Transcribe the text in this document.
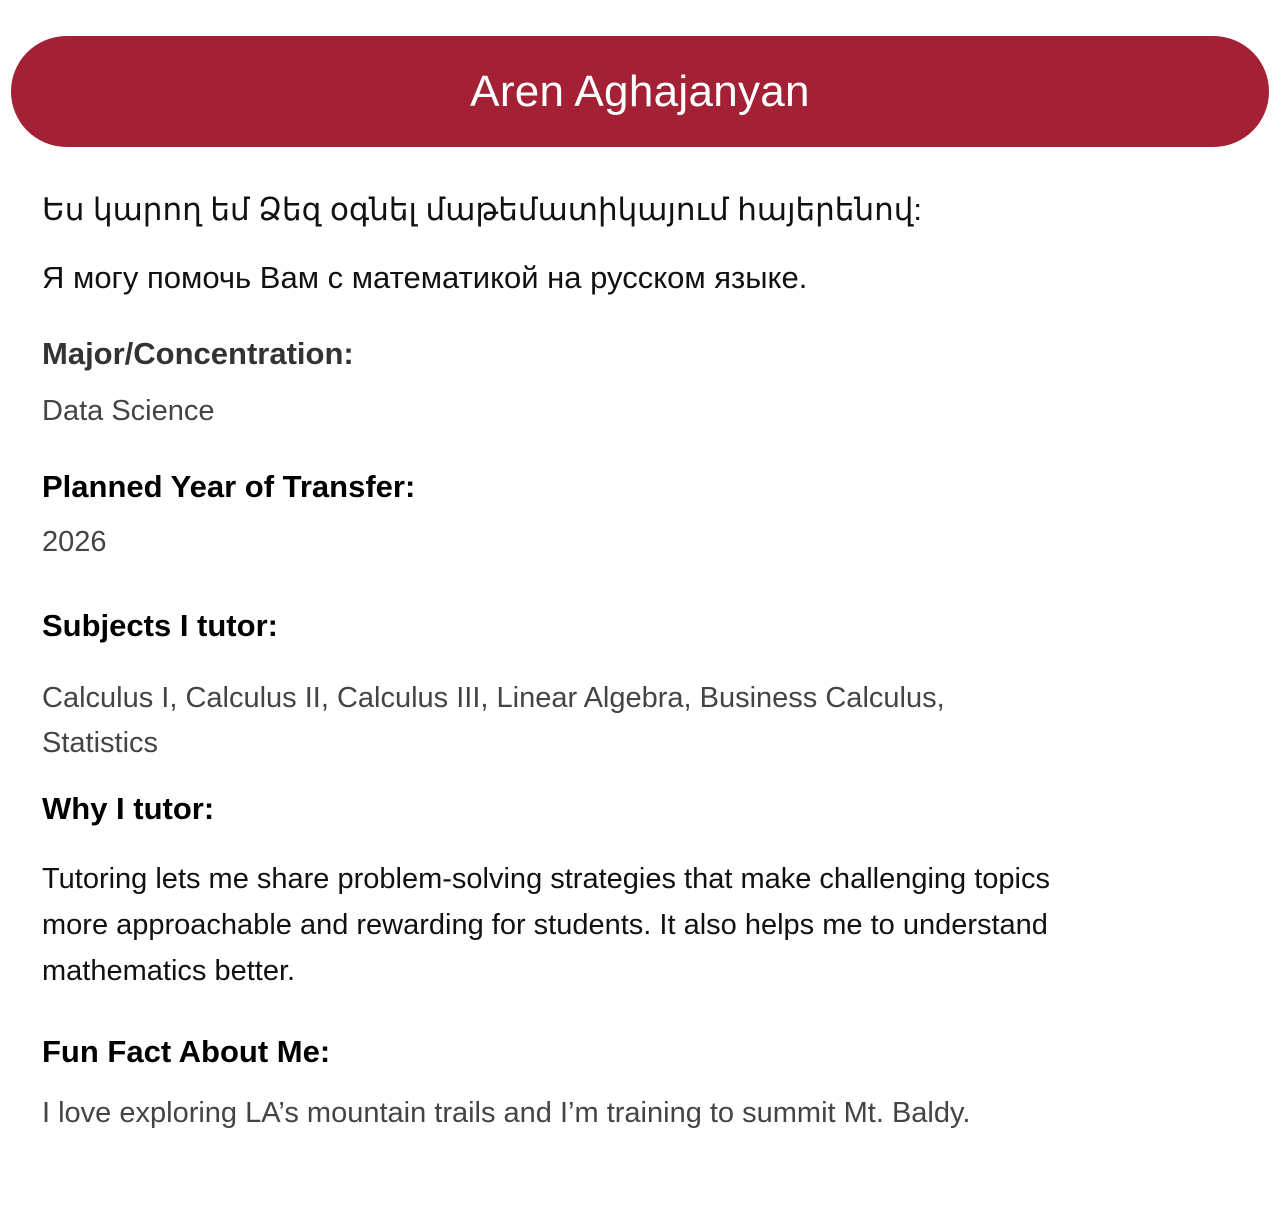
Aren Aghajanyan

Ես կարող եմ Ձեզ օգնել մաթեմատիկայում հայերենով:

Я могу помочь Вам с математикой на русском языке.

Major/Concentration:

Data Science

Planned Year of Transfer:

2026

Subjects I tutor:

Calculus I, Calculus II, Calculus III, Linear Algebra, Business Calculus,
Statistics

Why I tutor:

Tutoring lets me share problem-solving strategies that make challenging topics
more approachable and rewarding for students. It also helps me to understand
mathematics better.

Fun Fact About Me:

I love exploring LA’s mountain trails and I’m training to summit Mt. Baldy.
